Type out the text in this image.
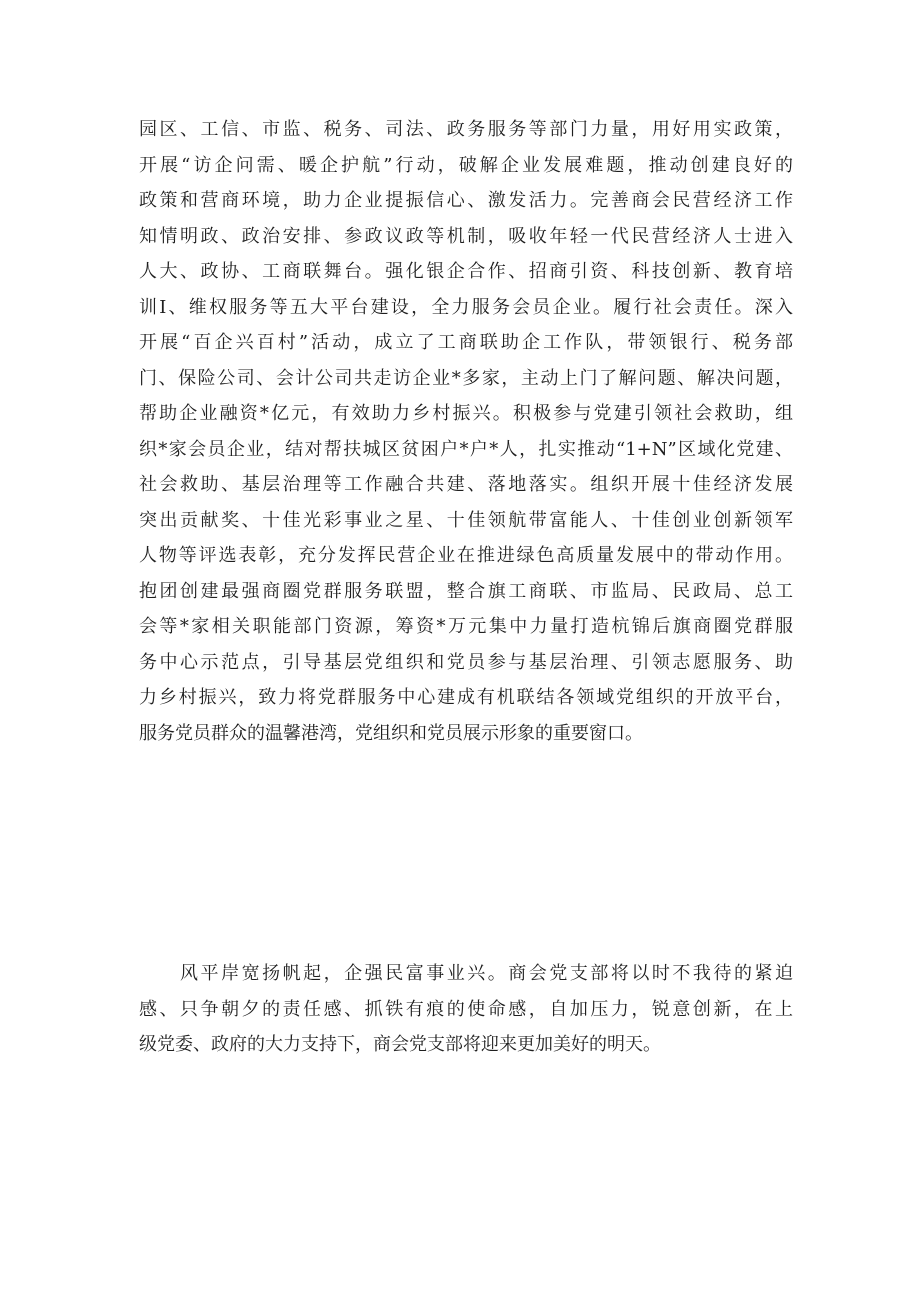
园区、工信、市监、税务、司法、政务服务等部门力量，用好用实政策，
开展“访企问需、暖企护航”行动，破解企业发展难题，推动创建良好的
政策和营商环境，助力企业提振信心、激发活力。完善商会民营经济工作
知情明政、政治安排、参政议政等机制，吸收年轻一代民营经济人士进入
人大、政协、工商联舞台。强化银企合作、招商引资、科技创新、教育培
训I、维权服务等五大平台建设，全力服务会员企业。履行社会责任。深入
开展“百企兴百村”活动，成立了工商联助企工作队，带领银行、税务部
门、保险公司、会计公司共走访企业*多家，主动上门了解问题、解决问题，
帮助企业融资*亿元，有效助力乡村振兴。积极参与党建引领社会救助，组
织*家会员企业，结对帮扶城区贫困户*户*人，扎实推动“1+N”区域化党建、
社会救助、基层治理等工作融合共建、落地落实。组织开展十佳经济发展
突出贡献奖、十佳光彩事业之星、十佳领航带富能人、十佳创业创新领军
人物等评选表彰，充分发挥民营企业在推进绿色高质量发展中的带动作用。
抱团创建最强商圈党群服务联盟，整合旗工商联、市监局、民政局、总工
会等*家相关职能部门资源，筹资*万元集中力量打造杭锦后旗商圈党群服
务中心示范点，引导基层党组织和党员参与基层治理、引领志愿服务、助
力乡村振兴，致力将党群服务中心建成有机联结各领域党组织的开放平台，
服务党员群众的温馨港湾，党组织和党员展示形象的重要窗口。
　　风平岸宽扬帆起，企强民富事业兴。商会党支部将以时不我待的紧迫
感、只争朝夕的责任感、抓铁有痕的使命感，自加压力，锐意创新，在上
级党委、政府的大力支持下，商会党支部将迎来更加美好的明天。
